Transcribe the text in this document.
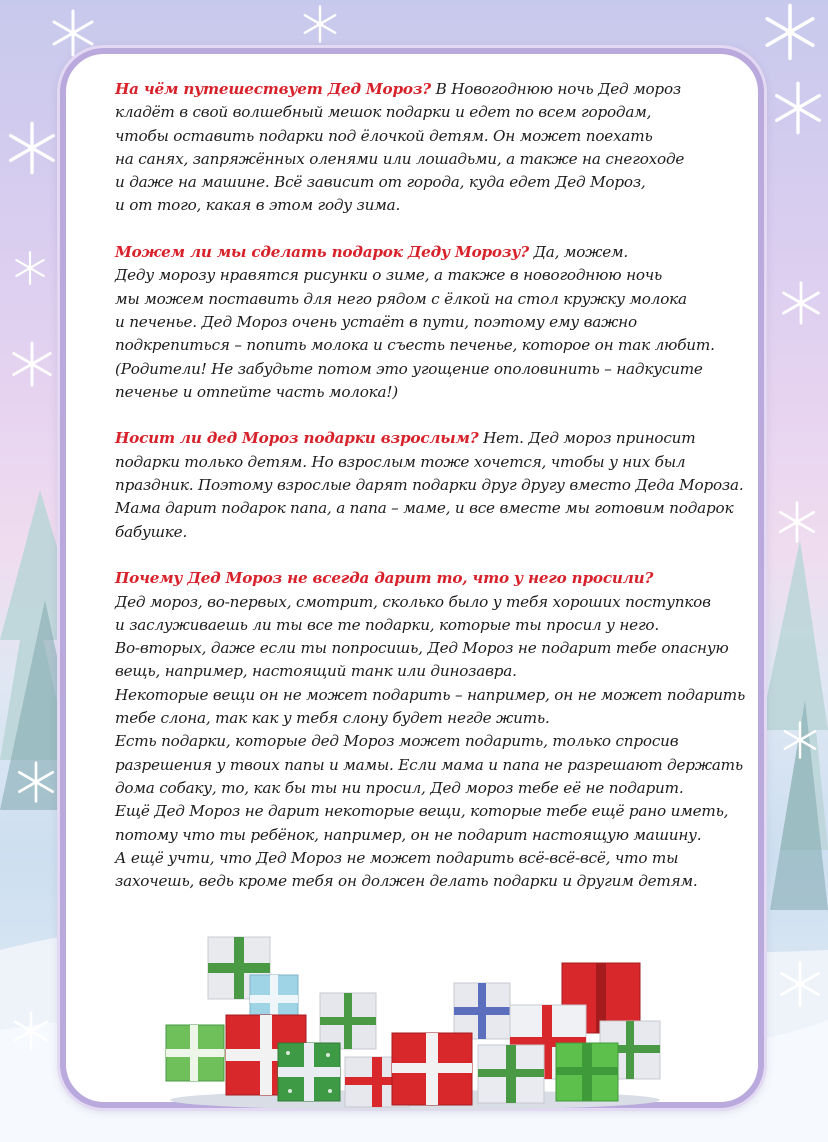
На чём путешествует Дед Мороз? В Новогоднюю ночь Дед мороз
кладёт в свой волшебный мешок подарки и едет по всем городам,
чтобы оставить подарки под ёлочкой детям. Он может поехать
на санях, запряжённых оленями или лошадьми, а также на снегоходе
и даже на машине. Всё зависит от города, куда едет Дед Мороз,
и от того, какая в этом году зима.

Можем ли мы сделать подарок Деду Морозу? Да, можем.
Деду морозу нравятся рисунки о зиме, а также в новогоднюю ночь
мы можем поставить для него рядом с ёлкой на стол кружку молока
и печенье. Дед Мороз очень устаёт в пути, поэтому ему важно
подкрепиться – попить молока и съесть печенье, которое он так любит.
(Родители! Не забудьте потом это угощение ополовинить – надкусите
печенье и отпейте часть молока!)

Носит ли дед Мороз подарки взрослым? Нет. Дед мороз приносит
подарки только детям. Но взрослым тоже хочется, чтобы у них был
праздник. Поэтому взрослые дарят подарки друг другу вместо Деда Мороза.
Мама дарит подарок папа, а папа – маме, и все вместе мы готовим подарок
бабушке.

Почему Дед Мороз не всегда дарит то, что у него просили?
Дед мороз, во-первых, смотрит, сколько было у тебя хороших поступков
и заслуживаешь ли ты все те подарки, которые ты просил у него.
Во-вторых, даже если ты попросишь, Дед Мороз не подарит тебе опасную
вещь, например, настоящий танк или динозавра.
Некоторые вещи он не может подарить – например, он не может подарить
тебе слона, так как у тебя слону будет негде жить.
Есть подарки, которые дед Мороз может подарить, только спросив
разрешения у твоих папы и мамы. Если мама и папа не разрешают держать
дома собаку, то, как бы ты ни просил, Дед мороз тебе её не подарит.
Ещё Дед Мороз не дарит некоторые вещи, которые тебе ещё рано иметь,
потому что ты ребёнок, например, он не подарит настоящую машину.
А ещё учти, что Дед Мороз не может подарить всё-всё-всё, что ты
захочешь, ведь кроме тебя он должен делать подарки и другим детям.
